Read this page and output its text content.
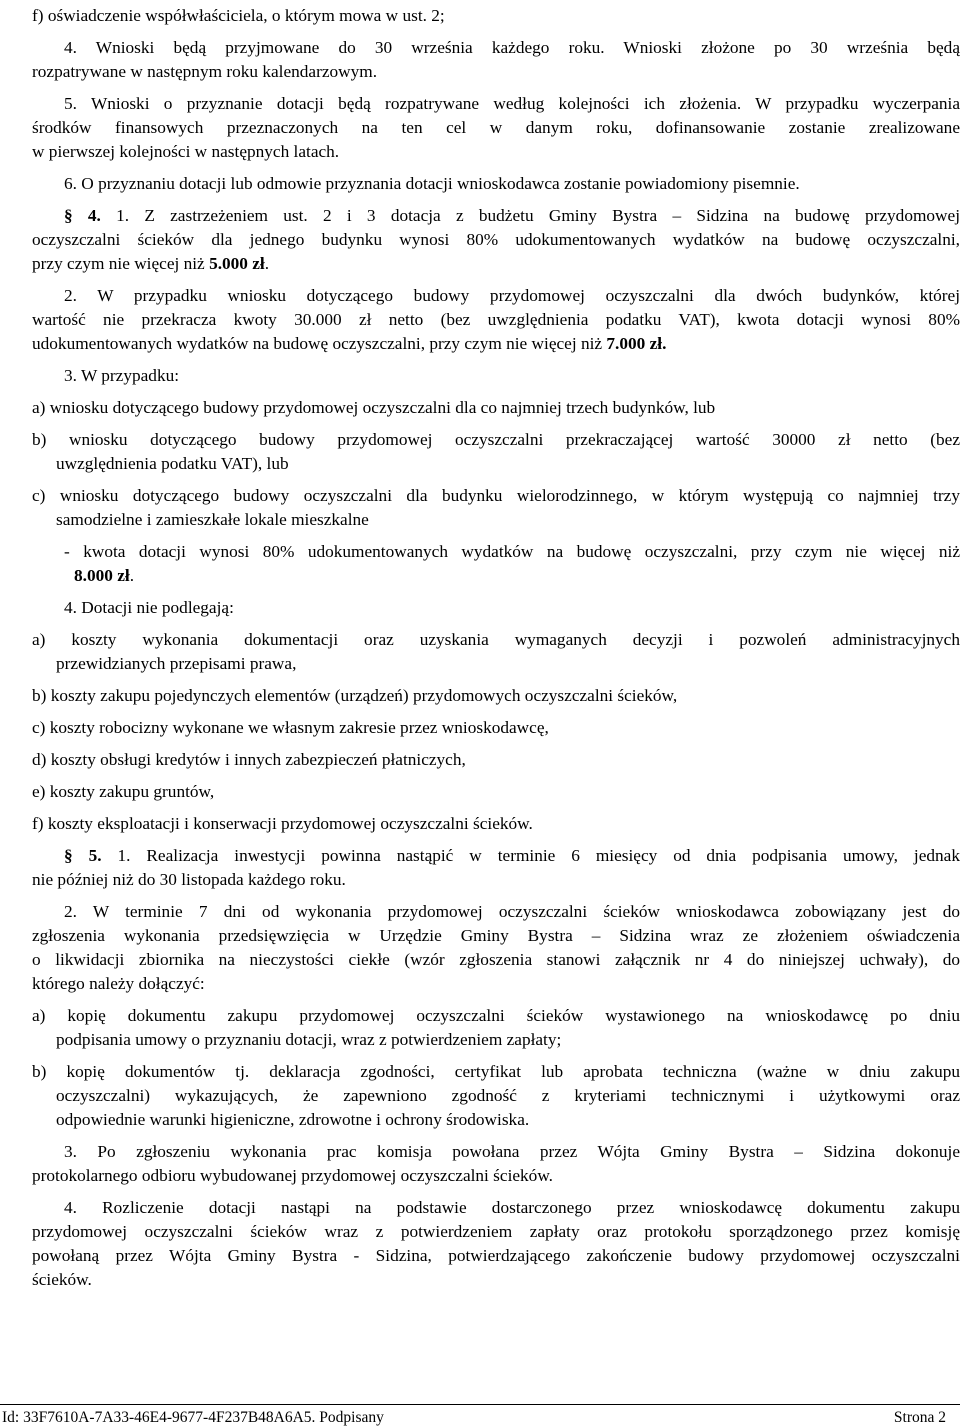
f) oświadczenie współwłaściciela, o którym mowa w ust. 2;
4. Wnioski będą przyjmowane do 30 września każdego roku. Wnioski złożone po 30 września będą
rozpatrywane w następnym roku kalendarzowym.
5. Wnioski o przyznanie dotacji będą rozpatrywane według kolejności ich złożenia. W przypadku wyczerpania
środków finansowych przeznaczonych na ten cel w danym roku, dofinansowanie zostanie zrealizowane
w pierwszej kolejności w następnych latach.
6. O przyznaniu dotacji lub odmowie przyznania dotacji wnioskodawca zostanie powiadomiony pisemnie.
§ 4. 1. Z zastrzeżeniem ust. 2 i 3 dotacja z budżetu Gminy Bystra – Sidzina na budowę przydomowej
oczyszczalni ścieków dla jednego budynku wynosi 80% udokumentowanych wydatków na budowę oczyszczalni,
przy czym nie więcej niż 5.000 zł.
2. W przypadku wniosku dotyczącego budowy przydomowej oczyszczalni dla dwóch budynków, której
wartość nie przekracza kwoty 30.000 zł netto (bez uwzględnienia podatku VAT), kwota dotacji wynosi 80%
udokumentowanych wydatków na budowę oczyszczalni, przy czym nie więcej niż 7.000 zł.
3. W przypadku:
a) wniosku dotyczącego budowy przydomowej oczyszczalni dla co najmniej trzech budynków, lub
b) wniosku dotyczącego budowy przydomowej oczyszczalni przekraczającej wartość 30000 zł netto (bez
uwzględnienia podatku VAT), lub
c) wniosku dotyczącego budowy oczyszczalni dla budynku wielorodzinnego, w którym występują co najmniej trzy
samodzielne i zamieszkałe lokale mieszkalne
- kwota dotacji wynosi 80% udokumentowanych wydatków na budowę oczyszczalni, przy czym nie więcej niż
8.000 zł.
4. Dotacji nie podlegają:
a) koszty wykonania dokumentacji oraz uzyskania wymaganych decyzji i pozwoleń administracyjnych
przewidzianych przepisami prawa,
b) koszty zakupu pojedynczych elementów (urządzeń) przydomowych oczyszczalni ścieków,
c) koszty robocizny wykonane we własnym zakresie przez wnioskodawcę,
d) koszty obsługi kredytów i innych zabezpieczeń płatniczych,
e) koszty zakupu gruntów,
f) koszty eksploatacji i konserwacji przydomowej oczyszczalni ścieków.
§ 5. 1. Realizacja inwestycji powinna nastąpić w terminie 6 miesięcy od dnia podpisania umowy, jednak
nie później niż do 30 listopada każdego roku.
2. W terminie 7 dni od wykonania przydomowej oczyszczalni ścieków wnioskodawca zobowiązany jest do
zgłoszenia wykonania przedsięwzięcia w Urzędzie Gminy Bystra – Sidzina wraz ze złożeniem oświadczenia
o likwidacji zbiornika na nieczystości ciekłe (wzór zgłoszenia stanowi załącznik nr 4 do niniejszej uchwały), do
którego należy dołączyć:
a) kopię dokumentu zakupu przydomowej oczyszczalni ścieków wystawionego na wnioskodawcę po dniu
podpisania umowy o przyznaniu dotacji, wraz z potwierdzeniem zapłaty;
b) kopię dokumentów tj. deklaracja zgodności, certyfikat lub aprobata techniczna (ważne w dniu zakupu
oczyszczalni) wykazujących, że zapewniono zgodność z kryteriami technicznymi i użytkowymi oraz
odpowiednie warunki higieniczne, zdrowotne i ochrony środowiska.
3. Po zgłoszeniu wykonania prac komisja powołana przez Wójta Gminy Bystra – Sidzina dokonuje
protokolarnego odbioru wybudowanej przydomowej oczyszczalni ścieków.
4. Rozliczenie dotacji nastąpi na podstawie dostarczonego przez wnioskodawcę dokumentu zakupu
przydomowej oczyszczalni ścieków wraz z potwierdzeniem zapłaty oraz protokołu sporządzonego przez komisję
powołaną przez Wójta Gminy Bystra - Sidzina, potwierdzającego zakończenie budowy przydomowej oczyszczalni
ścieków.
Id: 33F7610A-7A33-46E4-9677-4F237B48A6A5. Podpisany	Strona 2
